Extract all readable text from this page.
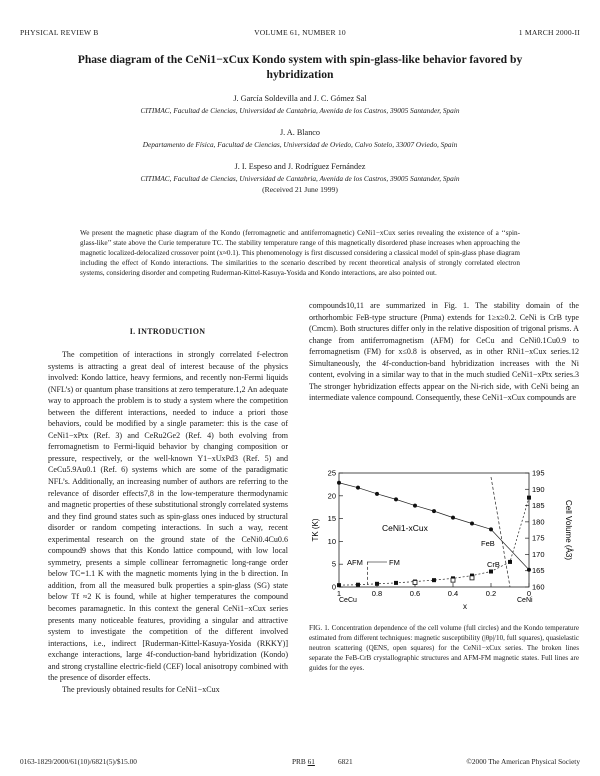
PHYSICAL REVIEW B	VOLUME 61, NUMBER 10	1 MARCH 2000-II
Phase diagram of the CeNi1−xCux Kondo system with spin-glass-like behavior favored by hybridization
J. García Soldevilla and J. C. Gómez Sal
CITIMAC, Facultad de Ciencias, Universidad de Cantabria, Avenida de los Castros, 39005 Santander, Spain
J. A. Blanco
Departamento de Física, Facultad de Ciencias, Universidad de Oviedo, Calvo Sotelo, 33007 Oviedo, Spain
J. I. Espeso and J. Rodríguez Fernández
CITIMAC, Facultad de Ciencias, Universidad de Cantabria, Avenida de los Castros, 39005 Santander, Spain
(Received 21 June 1999)
We present the magnetic phase diagram of the Kondo (ferromagnetic and antiferromagnetic) CeNi1−xCux series revealing the existence of a ‘‘spin-glass-like’’ state above the Curie temperature TC. The stability temperature range of this magnetically disordered phase increases when approaching the magnetic localized-delocalized crossover point (x≈0.1). This phenomenology is first discussed considering a classical model of spin-glass phase diagram including the effect of Kondo interactions. The similarities to the scenario described by recent theoretical analysis of strongly correlated electron systems, considering disorder and competing Ruderman-Kittel-Kasuya-Yosida and Kondo interactions, are also pointed out.
I. INTRODUCTION

The competition of interactions in strongly correlated f-electron systems is attracting a great deal of interest because of the physics involved: Kondo lattice, heavy fermions, and recently non-Fermi liquids (NFL’s) or quantum phase transitions at zero temperature.1,2 An adequate way to approach the problem is to study a system where the competition between the different interactions, needed to induce a priori those behaviors, could be modified by a single parameter: this is the case of CeNi1−xPtx (Ref. 3) and CeRu2Ge2 (Ref. 4) both evolving from ferromagnetism to Fermi-liquid behavior by changing composition or pressure, respectively, or the well-known Y1−xUxPd3 (Ref. 5) and CeCu5.9Au0.1 (Ref. 6) systems which are some of the paradigmatic NFL’s. Additionally, an increasing number of authors are referring to the relevance of disorder effects7,8 in the low-temperature thermodynamic and magnetic properties of these substitutional strongly correlated systems and they find ground states such as spin-glass ones induced by structural disorder or random competing interactions. In such a way, recent experimental research on the ground state of the CeNi0.4Cu0.6 compound9 shows that this Kondo lattice compound, with low local symmetry, presents a simple collinear ferromagnetic long-range order below TC=1.1 K with the magnetic moments lying in the b direction. In addition, from all the measured bulk properties a spin-glass (SG) state below Tf ≈2 K is found, while at higher temperatures the compound becomes paramagnetic. In this context the general CeNi1−xCux series presents many noticeable features, providing a singular and attractive system to investigate the competition of the different involved interactions, i.e., indirect [Ruderman-Kittel-Kasuya-Yosida (RKKY)] exchange interactions, large 4f-conduction-band hybridization (Kondo) and strong crystalline electric-field (CEF) local anisotropy combined with the presence of disorder effects.

The previously obtained results for CeNi1−xCux

compounds10,11 are summarized in Fig. 1. The stability domain of the orthorhombic FeB-type structure (Pnma) extends for 1≥x≥0.2. CeNi is CrB type (Cmcm). Both structures differ only in the relative disposition of trigonal prisms. A change from antiferromagnetism (AFM) for CeCu and CeNi0.1Cu0.9 to ferromagnetism (FM) for x≤0.8 is observed, as in other RNi1−xCux series.12 Simultaneously, the 4f-conduction-band hybridization increases with the Ni content, evolving in a similar way to that in the much studied CeNi1−xPtx series.3 The stronger hybridization effects appear on the Ni-rich side, with CeNi being an intermediate valence compound. Consequently, these CeNi1−xCux compounds are

1	0.8	0.6	0.4	0.2	0
0
5
10
15
20
25
160
165
170
175
180
185
190
195
TK (K)	Cell Volume (Å3)
x
CeNi1-xCux
FeB
CrB
AFM	FM
CeCu	CeNi
FIG. 1. Concentration dependence of the cell volume (full circles) and the Kondo temperature estimated from different techniques: magnetic susceptibility (|θp|/10, full squares), quasielastic neutron scattering (QENS, open squares) for the CeNi1−xCux series. The broken lines separate the FeB-CrB crystallographic structures and AFM-FM magnetic states. Full lines are guides for the eyes.
0163-1829/2000/61(10)/6821(5)/$15.00	PRB 61	6821	©2000 The American Physical Society
